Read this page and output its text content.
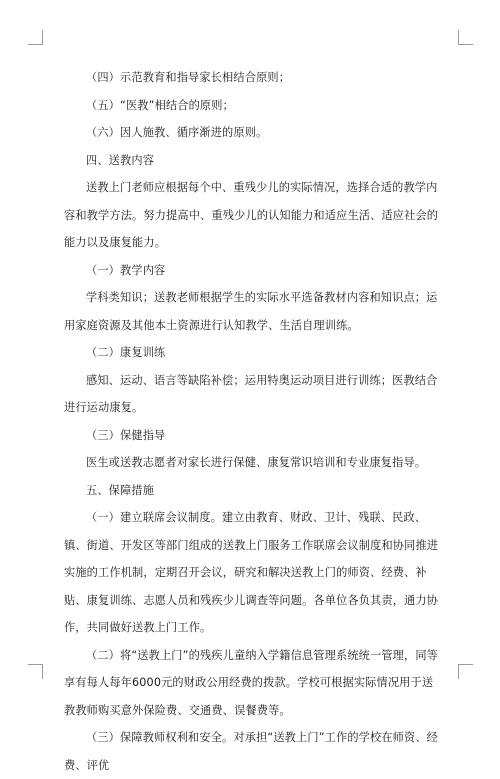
（四）示范教育和指导家长相结合原则；

（五）“医教”相结合的原则；

（六）因人施教、循序渐进的原则。

四、送教内容

送教上门老师应根据每个中、重残少儿的实际情况，选择合适的教学内容和教学方法。努力提高中、重残少儿的认知能力和适应生活、适应社会的能力以及康复能力。

（一）教学内容

学科类知识；送教老师根据学生的实际水平选备教材内容和知识点；运用家庭资源及其他本土资源进行认知教学、生活自理训练。

（二）康复训练

感知、运动、语言等缺陷补偿；运用特奥运动项目进行训练；医教结合进行运动康复。

（三）保健指导

医生或送教志愿者对家长进行保健、康复常识培训和专业康复指导。

五、保障措施

（一）建立联席会议制度。建立由教育、财政、卫计、残联、民政、镇、街道、开发区等部门组成的送教上门服务工作联席会议制度和协同推进实施的工作机制，定期召开会议，研究和解决送教上门的师资、经费、补贴、康复训练、志愿人员和残疾少儿调查等问题。各单位各负其责，通力协作，共同做好送教上门工作。

（二）将“送教上门”的残疾儿童纳入学籍信息管理系统统一管理，同等享有每人每年6000元的财政公用经费的拨款。学校可根据实际情况用于送教教师购买意外保险费、交通费、误餐费等。

（三）保障教师权利和安全。对承担“送教上门”工作的学校在师资、经费、评优
